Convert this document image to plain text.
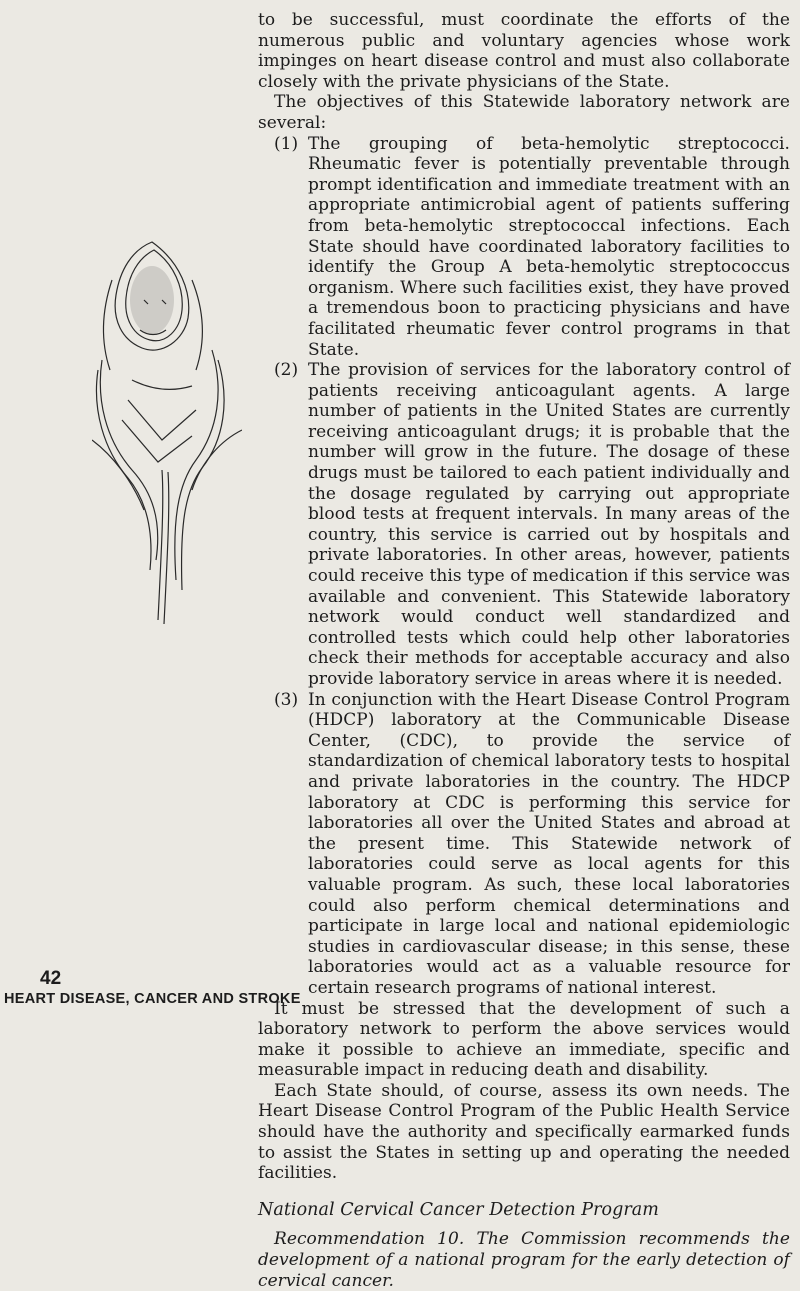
42
HEART DISEASE, CANCER AND STROKE

to be successful, must coordinate the efforts of the numerous public and voluntary agencies whose work impinges on heart disease control and must also collaborate closely with the private physicians of the State.

The objectives of this Statewide laboratory network are several:

(1) The grouping of beta-hemolytic streptococci. Rheumatic fever is potentially preventable through prompt identification and immediate treatment with an appropriate antimicrobial agent of patients suffering from beta-hemolytic streptococcal infections. Each State should have coordinated laboratory facilities to identify the Group A beta-hemolytic streptococcus organism. Where such facilities exist, they have proved a tremendous boon to practicing physicians and have facilitated rheumatic fever control programs in that State.
(2) The provision of services for the laboratory control of patients receiving anticoagulant agents. A large number of patients in the United States are currently receiving anticoagulant drugs; it is probable that the number will grow in the future. The dosage of these drugs must be tailored to each patient individually and the dosage regulated by carrying out appropriate blood tests at frequent intervals. In many areas of the country, this service is carried out by hospitals and private laboratories. In other areas, however, patients could receive this type of medication if this service was available and convenient. This Statewide laboratory network would conduct well standardized and controlled tests which could help other laboratories check their methods for acceptable accuracy and also provide laboratory service in areas where it is needed.
(3) In conjunction with the Heart Disease Control Program (HDCP) laboratory at the Communicable Disease Center, (CDC), to provide the service of standardization of chemical laboratory tests to hospital and private laboratories in the country. The HDCP laboratory at CDC is performing this service for laboratories all over the United States and abroad at the present time. This Statewide network of laboratories could serve as local agents for this valuable program. As such, these local laboratories could also perform chemical determinations and participate in large local and national epidemiologic studies in cardiovascular disease; in this sense, these laboratories would act as a valuable resource for certain research programs of national interest.

It must be stressed that the development of such a laboratory network to perform the above services would make it possible to achieve an immediate, specific and measurable impact in reducing death and disability.

Each State should, of course, assess its own needs. The Heart Disease Control Program of the Public Health Service should have the authority and specifically earmarked funds to assist the States in setting up and operating the needed facilities.

National Cervical Cancer Detection Program

Recommendation 10. The Commission recommends the development of a national program for the early detection of cervical cancer.
